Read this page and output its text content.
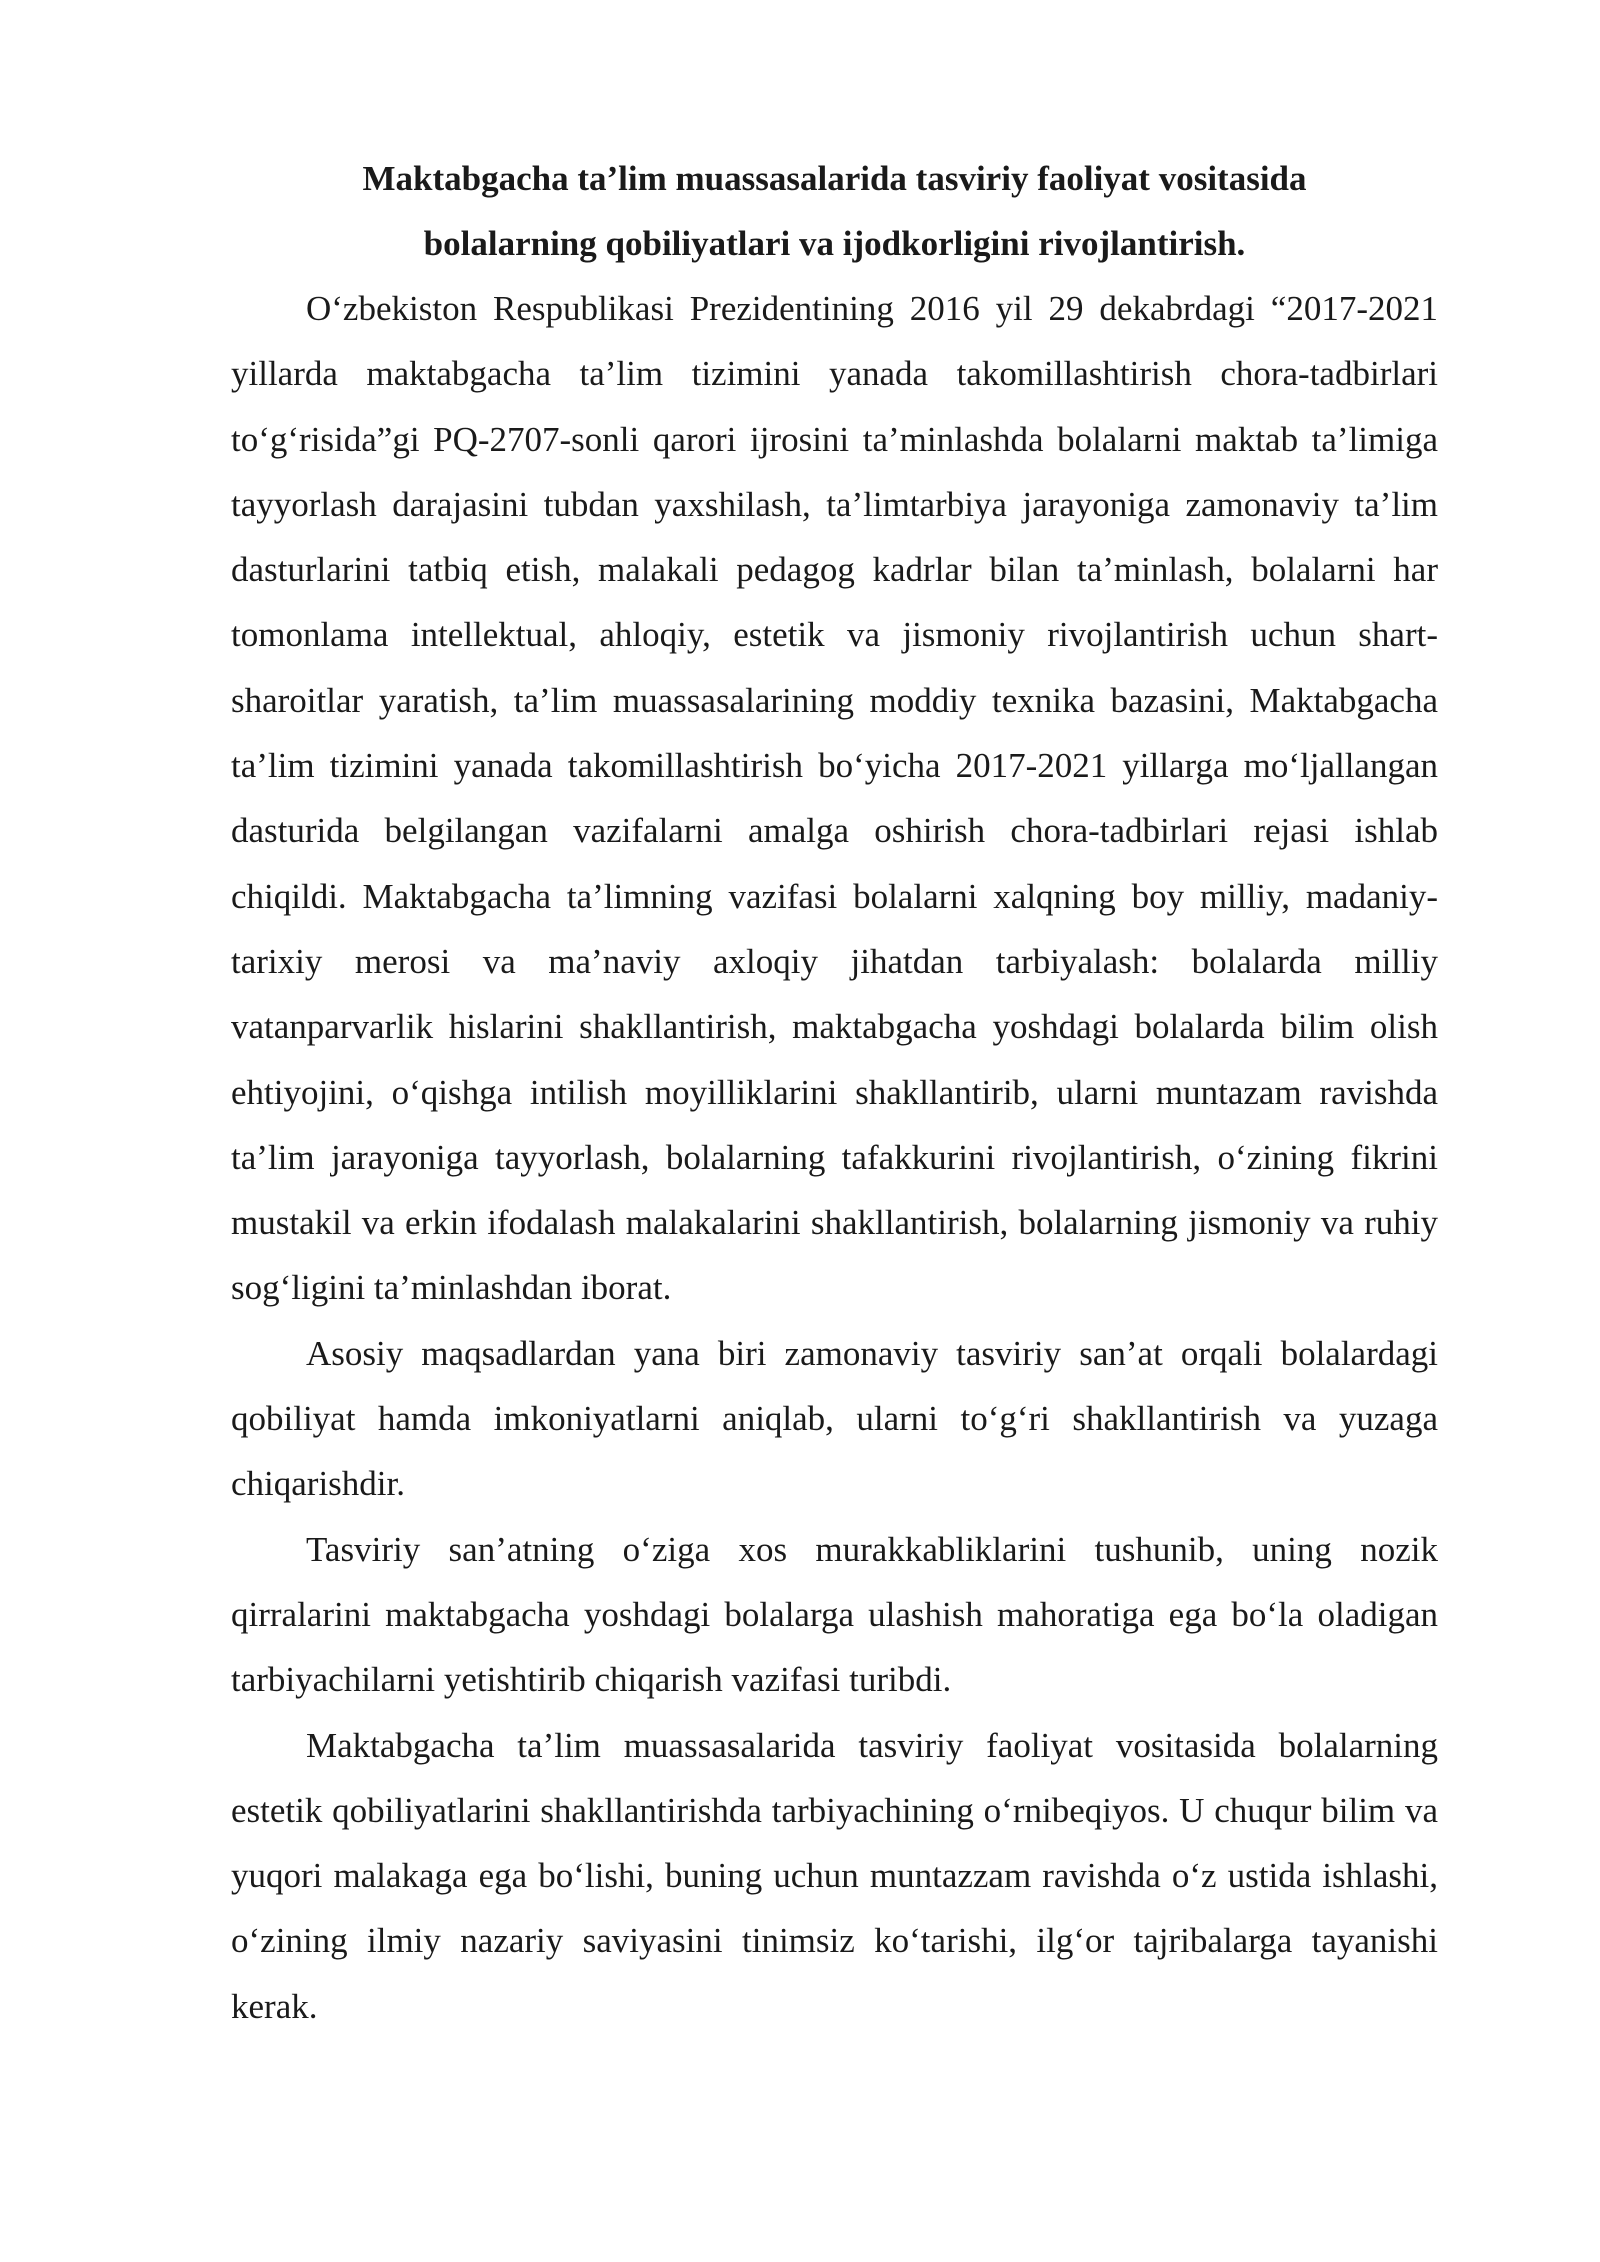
Maktabgacha ta’lim muassasalarida tasviriy faoliyat vositasida
bolalarning qobiliyatlari va ijodkorligini rivojlantirish.

O‘zbekiston Respublikasi Prezidentining 2016 yil 29 dekabrdagi “2017-2021 yillarda maktabgacha ta’lim tizimini yanada takomillashtirish chora-tadbirlari to‘g‘risida”gi PQ-2707-sonli qarori ijrosini ta’minlashda bolalarni maktab ta’limiga tayyorlash darajasini tubdan yaxshilash, ta’limtarbiya jarayoniga zamonaviy ta’lim dasturlarini tatbiq etish, malakali pedagog kadrlar bilan ta’minlash, bolalarni har tomonlama intellektual, ahloqiy, estetik va jismoniy rivojlantirish uchun shart-sharoitlar yaratish, ta’lim muassasalarining moddiy texnika bazasini, Maktabgacha ta’lim tizimini yanada takomillashtirish bo‘yicha 2017-2021 yillarga mo‘ljallangan dasturida belgilangan vazifalarni amalga oshirish chora-tadbirlari rejasi ishlab chiqildi. Maktabgacha ta’limning vazifasi bolalarni xalqning boy milliy, madaniy-tarixiy merosi va ma’naviy axloqiy jihatdan tarbiyalash: bolalarda milliy vatanparvarlik hislarini shakllantirish, maktabgacha yoshdagi bolalarda bilim olish ehtiyojini, o‘qishga intilish moyilliklarini shakllantirib, ularni muntazam ravishda ta’lim jarayoniga tayyorlash, bolalarning tafakkurini rivojlantirish, o‘zining fikrini mustakil va erkin ifodalash malakalarini shakllantirish, bolalarning jismoniy va ruhiy sog‘ligini ta’minlashdan iborat.

Asosiy maqsadlardan yana biri zamonaviy tasviriy san’at orqali bolalardagi qobiliyat hamda imkoniyatlarni aniqlab, ularni to‘g‘ri shakllantirish va yuzaga chiqarishdir.

Tasviriy san’atning o‘ziga xos murakkabliklarini tushunib, uning nozik qirralarini maktabgacha yoshdagi bolalarga ulashish mahoratiga ega bo‘la oladigan tarbiyachilarni yetishtirib chiqarish vazifasi turibdi.

Maktabgacha ta’lim muassasalarida tasviriy faoliyat vositasida bolalarning estetik qobiliyatlarini shakllantirishda tarbiyachining o‘rnibeqiyos. U chuqur bilim va yuqori malakaga ega bo‘lishi, buning uchun muntazzam ravishda o‘z ustida ishlashi, o‘zining ilmiy nazariy saviyasini tinimsiz ko‘tarishi, ilg‘or tajribalarga tayanishi kerak.
